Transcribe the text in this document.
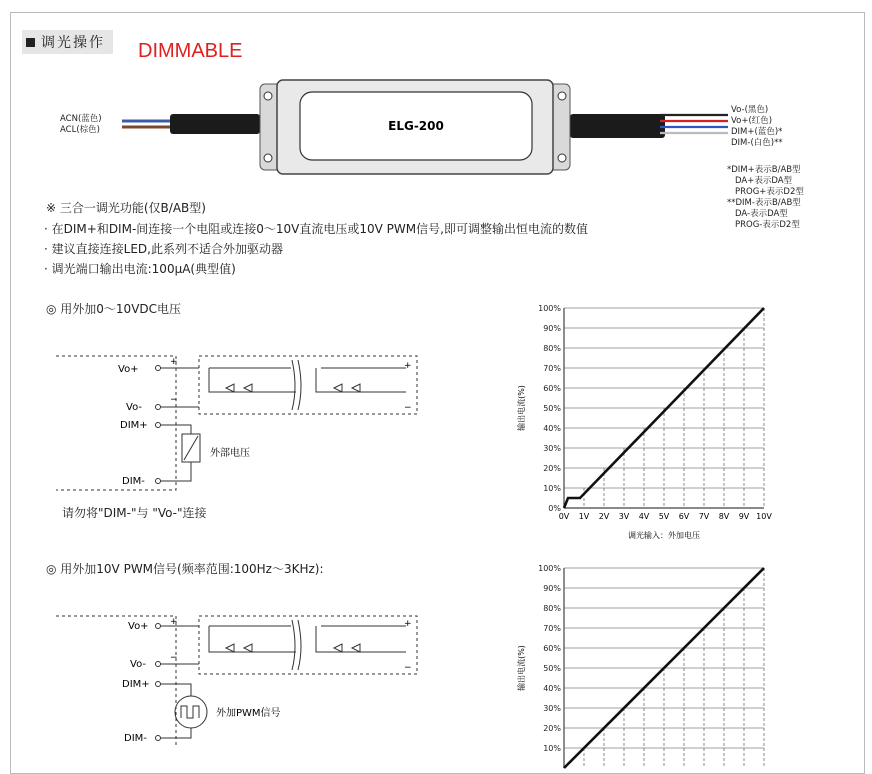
调光操作	DIMMABLE
ELG-200
ACN(蓝色)
ACL(棕色)
Vo-(黑色)
Vo+(红色)
DIM+(蓝色)*
DIM-(白色)**
*DIM+表示B/AB型
DA+表示DA型
PROG+表示D2型
**DIM-表示B/AB型
DA-表示DA型
PROG-表示D2型
※ 三合一调光功能(仅B/AB型)
· 在DIM+和DIM-间连接一个电阻或连接0～10V直流电压或10V PWM信号,即可调整输出恒电流的数值
· 建议直接连接LED,此系列不适合外加驱动器
· 调光端口输出电流:100μA(典型值)
◎ 用外加0～10VDC电压
Vo+
Vo-
DIM+
DIM-
+
−
+
−
外部电压
请勿将"DIM-"与 "Vo-"连接
◎ 用外加10V PWM信号(频率范围:100Hz～3KHz):
Vo+
Vo-
DIM+
DIM-
+
−
+
−
外加PWM信号
0%
10%
20%
30%
40%
50%
60%
70%
80%
90%
100%
0V 1V 2V 3V 4V 5V 6V 7V 8V 9V 10V
输出电流(%)
调光输入：外加电压
10%
20%
30%
40%
50%
60%
70%
80%
90%
100%
输出电流(%)
